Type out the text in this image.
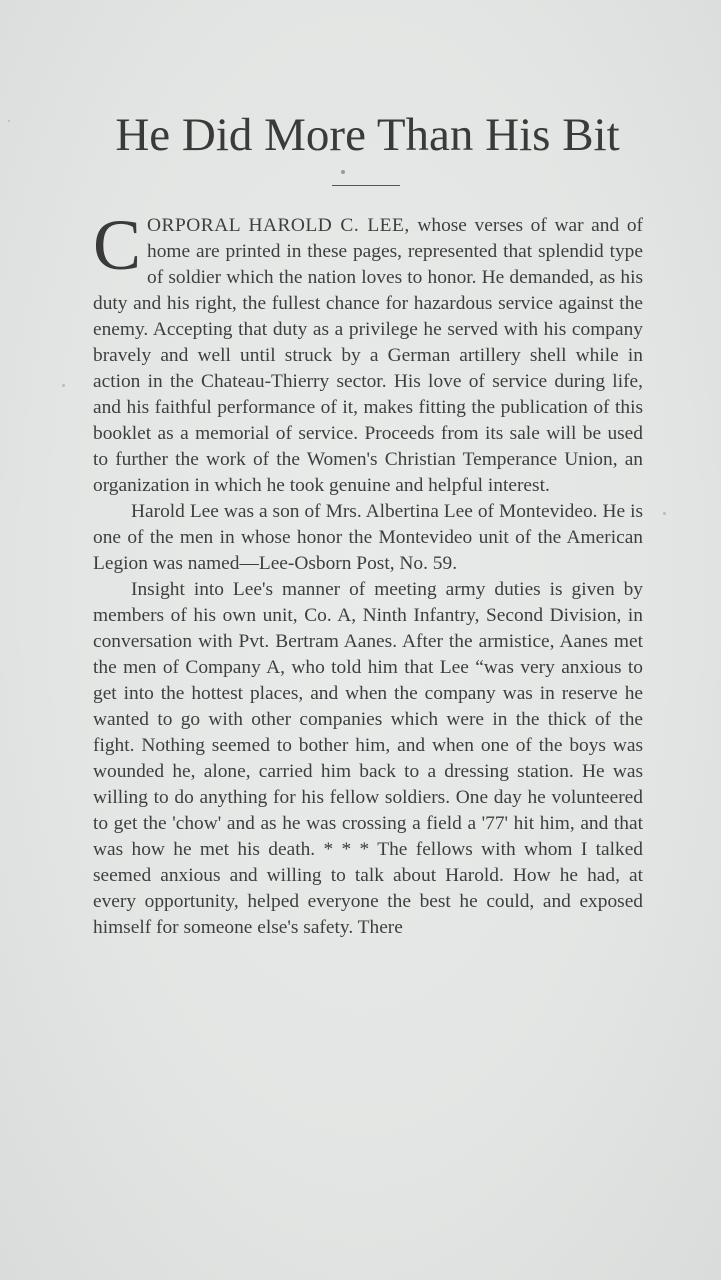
He Did More Than His Bit

CORPORAL HAROLD C. LEE, whose verses of war and of home are printed in these pages, represented that splendid type of soldier which the nation loves to honor. He demanded, as his duty and his right, the fullest chance for hazardous service against the enemy. Accepting that duty as a privilege he served with his company bravely and well until struck by a German artillery shell while in action in the Chateau-Thierry sector. His love of service during life, and his faithful performance of it, makes fitting the publication of this booklet as a memorial of service. Proceeds from its sale will be used to further the work of the Women's Christian Temperance Union, an organization in which he took genuine and helpful interest.

Harold Lee was a son of Mrs. Albertina Lee of Montevideo. He is one of the men in whose honor the Montevideo unit of the American Legion was named—Lee-Osborn Post, No. 59.

Insight into Lee's manner of meeting army duties is given by members of his own unit, Co. A, Ninth Infantry, Second Division, in conversation with Pvt. Bertram Aanes. After the armistice, Aanes met the men of Company A, who told him that Lee “was very anxious to get into the hottest places, and when the company was in reserve he wanted to go with other companies which were in the thick of the fight. Nothing seemed to bother him, and when one of the boys was wounded he, alone, carried him back to a dressing station. He was willing to do anything for his fellow soldiers. One day he volunteered to get the 'chow' and as he was crossing a field a '77' hit him, and that was how he met his death. * * * The fellows with whom I talked seemed anxious and willing to talk about Harold. How he had, at every opportunity, helped everyone the best he could, and exposed himself for someone else's safety. There
